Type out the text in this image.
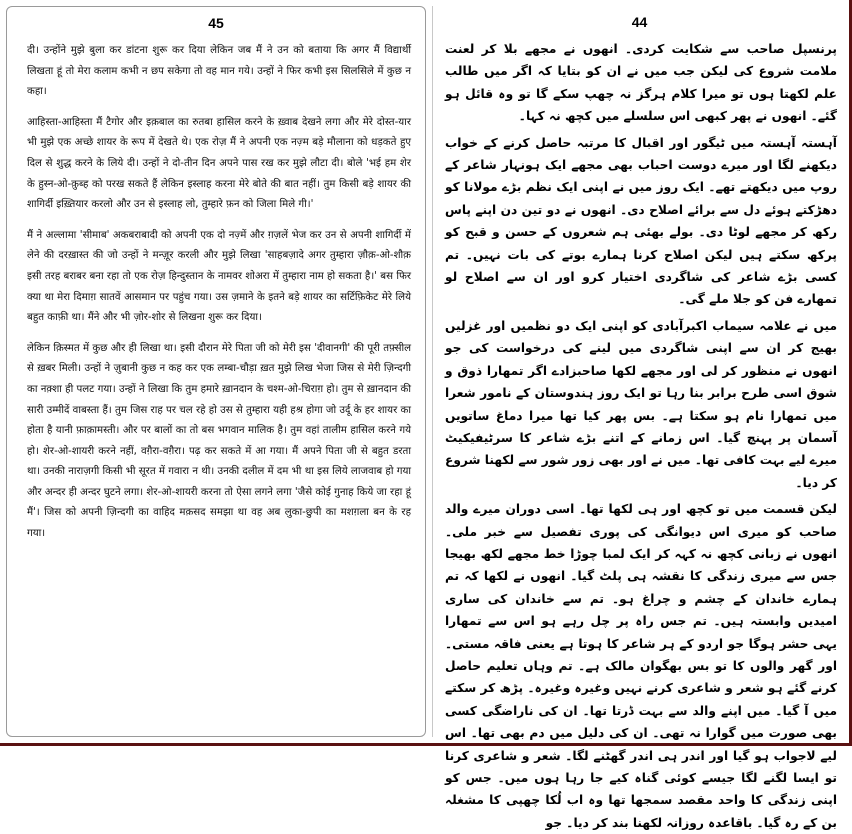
45

दी। उन्होंने मुझे बुला कर डांटना शुरू कर दिया लेकिन जब मैं ने उन को बताया कि अगर मैं विद्यार्थी लिखता हूं तो मेरा कलाम कभी न छप सकेगा तो वह मान गये। उन्हों ने फिर कभी इस सिलसिले में कुछ न कहा।

आहिस्ता-आहिस्ता मैं टैगोर और इक़बाल का रुतबा हासिल करने के ख़्वाब देखने लगा और मेरे दोस्त-यार भी मुझे एक अच्छे शायर के रूप में देखते थे। एक रोज़ मैं ने अपनी एक नज़्म बड़े मौलाना को धड़कते हुए दिल से शुद्ध करने के लिये दी। उन्हों ने दो-तीन दिन अपने पास रख कर मुझे लौटा दी। बोले 'भई हम शेर के हुस्न-ओ-क़ुब्ह को परख सकते हैं लेकिन इस्लाह करना मेरे बोते की बात नहीं। तुम किसी बड़े शायर की शागिर्दी इख़्तियार करलो और उन से इस्लाह लो, तुम्हारे फ़न को जिला मिले गी।'

मैं ने अल्लामा 'सीमाब' अकबराबादी को अपनी एक दो नज़्में और ग़ज़लें भेज कर उन से अपनी शागिर्दी में लेने की दरख़ास्त की जो उन्हों ने मन्ज़ूर करली और मुझे लिखा 'साहबज़ादे अगर तुम्हारा ज़ौक़-ओ-शौक़ इसी तरह बराबर बना रहा तो एक रोज़ हिन्दुस्तान के नामवर शोअरा में तुम्हारा नाम हो सकता है।' बस फिर क्या था मेरा दिमाग़ सातवें आसमान पर पहुंच गया। उस ज़माने के इतने बड़े शायर का सर्टिफ़िकेट मेरे लिये बहुत काफ़ी था। मैंने और भी ज़ोर-शोर से लिखना शुरू कर दिया।

लेकिन क़िस्मत में कुछ और ही लिखा था। इसी दौरान मेरे पिता जी को मेरी इस 'दीवानगी' की पूरी तफ़्सील से ख़बर मिली। उन्हों ने ज़ुबानी कुछ न कह कर एक लम्बा-चौड़ा ख़त मुझे लिख भेजा जिस से मेरी ज़िन्दगी का नक़्शा ही पलट गया। उन्हों ने लिखा कि तुम हमारे ख़ानदान के चश्म-ओ-चिराग़ हो। तुम से ख़ानदान की सारी उम्मीदें वाबस्ता हैं। तुम जिस राह पर चल रहे हो उस से तुम्हारा यही हश्र होगा जो उर्दू के हर शायर का होता है यानी फ़ाक़ामस्ती। और पर बालों का तो बस भगवान मालिक है। तुम वहां तालीम हासिल करने गये हो। शेर-ओ-शायरी करने नहीं, वग़ैरा-वग़ैरा। पढ़ कर सकते में आ गया। मैं अपने पिता जी से बहुत डरता था। उनकी नाराज़गी किसी भी सूरत में गवारा न थी। उनकी दलील में दम भी था इस लिये लाजवाब हो गया और अन्दर ही अन्दर घुटने लगा। शेर-ओ-शायरी करना तो ऐसा लगने लगा 'जैसे कोई गुनाह किये जा रहा हूं मैं'। जिस को अपनी ज़िन्दगी का वाहिद मक़सद समझा था वह अब लुका-छुपी का मशग़ला बन के रह गया।

44

پرنسپل صاحب سے شکایت کردی۔ انھوں نے مجھے بلا کر لعنت ملامت شروع کی لیکن جب میں نے ان کو بتایا کہ اگر میں طالب علم لکھتا ہوں تو میرا کلام ہرگز نہ چھپ سکے گا تو وہ قائل ہو گئے۔ انھوں نے پھر کبھی اس سلسلے میں کچھ نہ کہا۔

آہستہ آہستہ میں ٹیگور اور اقبال کا مرتبہ حاصل کرنے کے خواب دیکھنے لگا اور میرے دوست احباب بھی مجھے ایک ہونہار شاعر کے روپ میں دیکھتے تھے۔ ایک روز میں نے اپنی ایک نظم بڑے مولانا کو دھڑکتے ہوئے دل سے برائے اصلاح دی۔ انھوں نے دو تین دن اپنے پاس رکھ کر مجھے لوٹا دی۔ بولے بھئی ہم شعروں کے حسن و قبح کو پرکھ سکتے ہیں لیکن اصلاح کرنا ہمارے بوتے کی بات نہیں۔ تم کسی بڑے شاعر کی شاگردی اختیار کرو اور ان سے اصلاح لو تمھارے فن کو جلا ملے گی۔

میں نے علامہ سیماب اکبرآبادی کو اپنی ایک دو نظمیں اور غزلیں بھیج کر ان سے اپنی شاگردی میں لینے کی درخواست کی جو انھوں نے منظور کر لی اور مجھے لکھا صاحبزادے اگر تمھارا ذوق و شوق اسی طرح برابر بنا رہا تو ایک روز ہندوستان کے نامور شعرا میں تمھارا نام ہو سکتا ہے۔ بس پھر کیا تھا میرا دماغ ساتویں آسمان پر پہنچ گیا۔ اس زمانے کے اتنے بڑے شاعر کا سرٹیفیکیٹ میرے لیے بہت کافی تھا۔ میں نے اور بھی زور شور سے لکھنا شروع کر دیا۔

لیکن قسمت میں تو کچھ اور ہی لکھا تھا۔ اسی دوران میرے والد صاحب کو میری اس دیوانگی کی پوری تفصیل سے خبر ملی۔ انھوں نے زبانی کچھ نہ کہہ کر ایک لمبا چوڑا خط مجھے لکھ بھیجا جس سے میری زندگی کا نقشہ ہی پلٹ گیا۔ انھوں نے لکھا کہ تم ہمارے خاندان کے چشم و چراغ ہو۔ تم سے خاندان کی ساری امیدیں وابستہ ہیں۔ تم جس راہ پر چل رہے ہو اس سے تمھارا یہی حشر ہوگا جو اردو کے ہر شاعر کا ہوتا ہے یعنی فاقہ مستی۔ اور گھر والوں کا تو بس بھگوان مالک ہے۔ تم وہاں تعلیم حاصل کرنے گئے ہو شعر و شاعری کرنے نہیں وغیرہ وغیرہ۔ پڑھ کر سکتے میں آ گیا۔ میں اپنے والد سے بہت ڈرتا تھا۔ ان کی ناراضگی کسی بھی صورت میں گوارا نہ تھی۔ ان کی دلیل میں دم بھی تھا۔ اس لیے لاجواب ہو گیا اور اندر ہی اندر گھٹنے لگا۔ شعر و شاعری کرنا تو ایسا لگنے لگا جیسے کوئی گناہ کیے جا رہا ہوں میں۔ جس کو اپنی زندگی کا واحد مقصد سمجھا تھا وہ اب لُکا چھپی کا مشغلہ بن کے رہ گیا۔ باقاعدہ روزانہ لکھنا بند کر دیا۔ جو
